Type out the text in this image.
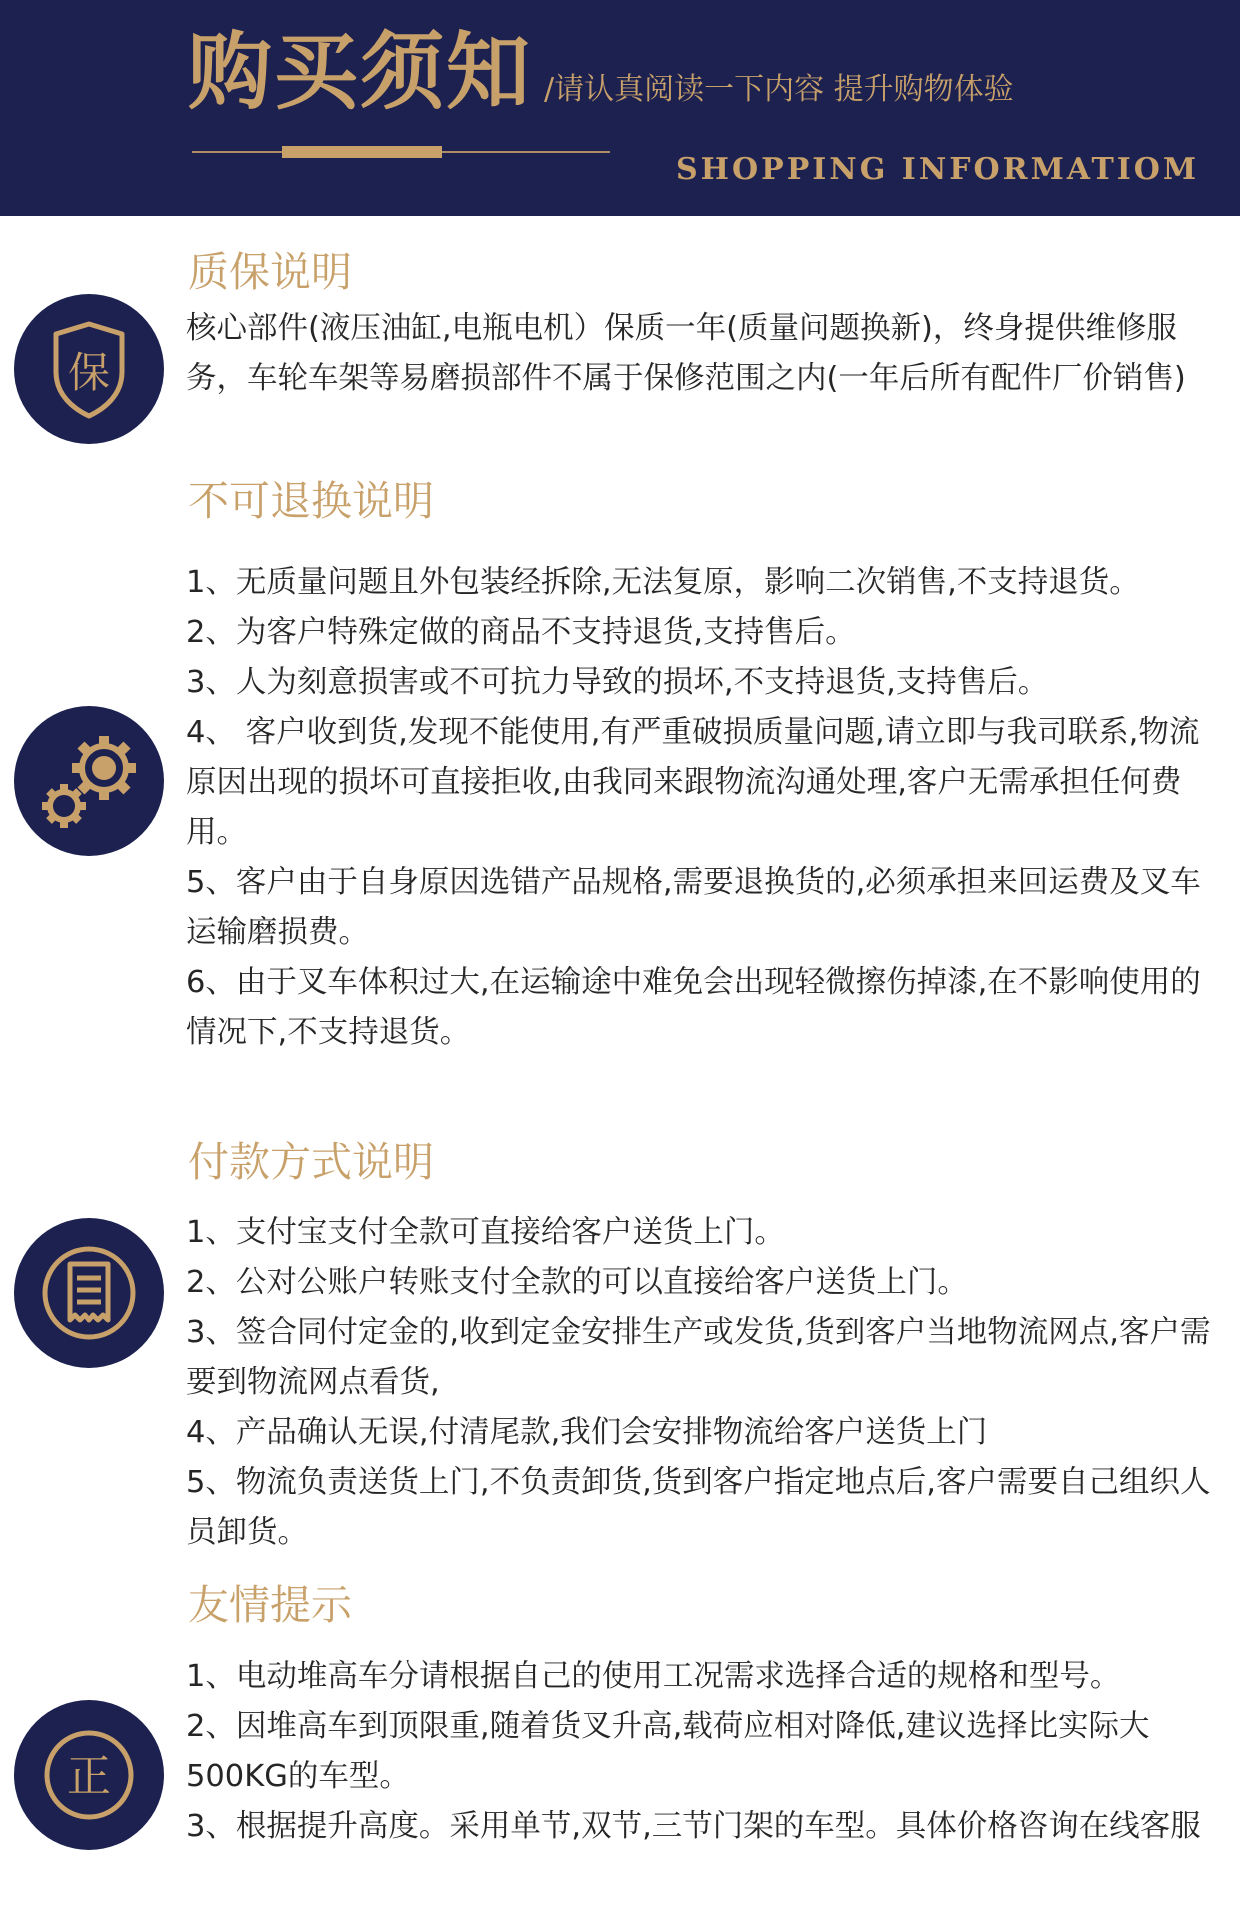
购买须知 /请认真阅读一下内容 提升购物体验
SHOPPING INFORMATIOM
质保说明
保

核心部件(液压油缸,电瓶电机）保质一年(质量问题换新)，终身提供维修服务，车轮车架等易磨损部件不属于保修范围之内(一年后所有配件厂价销售)

不可退换说明

1、无质量问题且外包装经拆除,无法复原，影响二次销售,不支持退货。

2、为客户特殊定做的商品不支持退货,支持售后。

3、人为刻意损害或不可抗力导致的损坏,不支持退货,支持售后。

4、 客户收到货,发现不能使用,有严重破损质量问题,请立即与我司联系,物流原因出现的损坏可直接拒收,由我同来跟物流沟通处理,客户无需承担任何费用。

5、客户由于自身原因选错产品规格,需要退换货的,必须承担来回运费及叉车运输磨损费。

6、由于叉车体积过大,在运输途中难免会出现轻微擦伤掉漆,在不影响使用的情况下,不支持退货。

付款方式说明

1、支付宝支付全款可直接给客户送货上门。

2、公对公账户转账支付全款的可以直接给客户送货上门。

3、签合同付定金的,收到定金安排生产或发货,货到客户当地物流网点,客户需要到物流网点看货,

4、产品确认无误,付清尾款,我们会安排物流给客户送货上门

5、物流负责送货上门,不负责卸货,货到客户指定地点后,客户需要自己组织人员卸货。

友情提示
正

1、电动堆高车分请根据自己的使用工况需求选择合适的规格和型号。

2、因堆高车到顶限重,随着货叉升高,载荷应相对降低,建议选择比实际大500KG的车型。

3、根据提升高度。采用单节,双节,三节门架的车型。具体价格咨询在线客服
